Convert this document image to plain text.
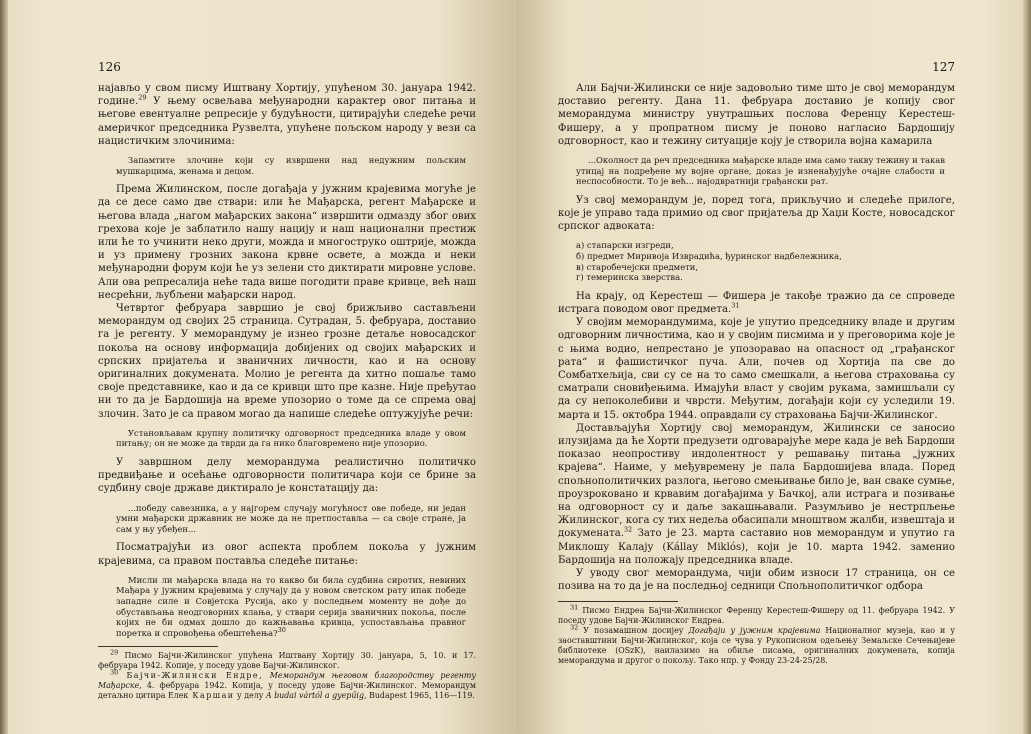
126

најављо у свом писму Иштвану Хортију, упућеном 30. јануара 1942. године.$^{29}$ У њему освељава међународни карактер овог питања и његове евентуалне репресије у будућности, цитирајући следеће речи америчког председника Рузвелта, упућене пољском народу у вези са нацистичким злочинима:

Запамтите злочине који су извршени над недужним пољским мушкарцима, женама и децом.

Према Жилинском, после догађаја у јужним крајевима могуће је да се десе само две ствари: или ће Мађарска, регент Мађарске и његова влада „нагом мађарских закона“ извршити одмазду због ових грехова које је заблатило нашу нацију и наш национални престиж или ће то учинити неко други, можда и многоструко оштрије, можда и уз примену грозних закона крвне освете, а можда и неки међународни форум који ће уз зелени сто диктирати мировне услове. Али ова репресалија неће тада више погодити праве кривце, већ наш несрећни, љубљени мађарски народ.

Четвртог фебруара завршио је свој брижљиво састављени меморандум од својих 25 страница. Сутрадан, 5. фебруара, доставио га је регенту. У меморандуму је изнео грозне детаље новосадског покоља на основу информација добијених од својих мађарских и српских пријатеља и званичних личности, као и на основу оригиналних докумената. Молио је регента да хитно пошаље тамо своје представнике, као и да се кривци што пре казне. Није пређутао ни то да је Бардошија на време упозорио о томе да се спрема овај злочин. Зато је са правом могао да напише следеће оптужујуће речи:

Установљавам крупну политичку одговорност председника владе у овом питању; он не може да тврди да га нико благовремено није упозорио.

У завршном делу меморандума реалистично политичко предвиђање и осећање одговорности политичара који се брине за судбину своје државе диктирало је констатацију да:

...победу савезника, а у најгорем случају могућност ове победе, ни један умни мађарски државник не може да не претпоставља — са своје стране, јa сам у њу убеђен...

Посматрајући из овог аспекта проблем покоља у јужним крајевима, са правом поставља следеће питање:

Мисли ли мађарска влада на то какво би била судбина сиротих, невиних Мађара у јужним крајевима у случају да у новом светском рату ипак победе западне силе и Совјетска Русија, ако у последњем моменту не дође до обустављања неодговорних клања, у ствари серија званичних покоља, после којих не би одмах дошло до кажњавања кривца, успостављања правног поретка и спровођења обештећења?$^{30}$

$^{29}$ Писмо Бајчи-Жилинског упућена Иштвану Хортију 30. јануара, 5, 10. и 17. фебруара 1942. Копије, у поседу удове Бајчи-Жилинског.

$^{30}$ Бајчи-Жилински Ендре, Меморандум његовом благородству регенту Мађарске, 4. фебруара 1942. Копија, у поседу удове Бајчи-Жилинског. Меморандум детаљно цитира Елек Каршаи у делу A budai vártól a gyepűig, Budapest 1965, 116—119.

127

Али Бајчи-Жилински се није задовољио тиме што је свој меморандум доставио регенту. Дана 11. фебруара доставио је копију свог меморандума министру унутрашњих послова Ференцу Керестеш-Фишеру, а у пропратном писму је поново нагласио Бардошију одговорност, као и тежину ситуације коју је створила војна камарила

...Околност да реч председника мађарске владе има само такву тежину и такав утицај на подређене му војне органе, доказ је изненађујуће очајне слабости и неспособности. То је већ... најодвратнији грађански рат.

Уз свој меморандум је, поред тога, прикључио и следеће прилоге, које је управо тада примио од свог пријатеља др Хаџи Косте, новосадског српског адвоката:

а) стапарски изгреди,
б) предмет Миривоја Изврадића, ђуринског надбележника,
в) старобечејски предмети,
г) темеринска зверства.

На крају, од Керестеш — Фишера је такође тражио да се спроведе истрага поводом овог предмета.$^{31}$

У својим меморандумима, које је упутио председнику владе и другим одговорним личностима, као и у својим писмима и у преговорима које је с њима водио, непрестано је упозоравао на опасност од „грађанског рата“ и фашистичког пуча. Али, почев од Хортија па све до Сомбатхељија, сви су се на то само смешкали, а његова страховања су сматрали сновиђењима. Имајући власт у својим рукама, замишљали су да су непоколебиви и чврсти. Међутим, догађаји који су уследили 19. марта и 15. октобра 1944. оправдали су страховања Бајчи-Жилинског.

Достављајући Хортију свој меморандум, Жилински се заносио илузијама да ће Хорти предузети одговарајуће мере када је већ Бардоши показао неопростиву индолентност у решавању питања „јужних крајева“. Наиме, у међувремену је пала Бардошијева влада. Поред спољнополитичких разлога, његово смењивање било је, ван сваке сумње, проузроковано и крвавим догађајима у Бачкој, али истрага и позивање на одговорност су и даље закашњавали. Разумљиво је нестрпљење Жилинског, кога су тих недеља обасипали мноштвом жалби, извештаја и докумената.$^{32}$ Зато је 23. марта саставио нов меморандум и упутио га Миклошу Калају (Kállay Miklós), који је 10. марта 1942. заменио Бардошија на положају председника владе.

У уводу свог меморандума, чији обим износи 17 страница, он се позива на то да је на последњој седници Спољнополитичког одбора

$^{31}$ Писмо Ендреа Бајчи-Жилинског Ференцу Керестеш-Фишеру од 11. фебруара 1942. У поседу удове Бајчи-Жилинског Ендреа.

$^{32}$ У позамашном досијеу Догађаји у јужним крајевима Националног музеја, као и у заоставштини Бајчи-Жилинског, која се чува у Рукописном одељењу Земаљске Сечењијеве библиотеке (OSzK), наилазимо на обиље писама, оригиналних докумената, копија меморандума и другог о покољу. Тако нпр. у Фонду 23-24-25/28.
